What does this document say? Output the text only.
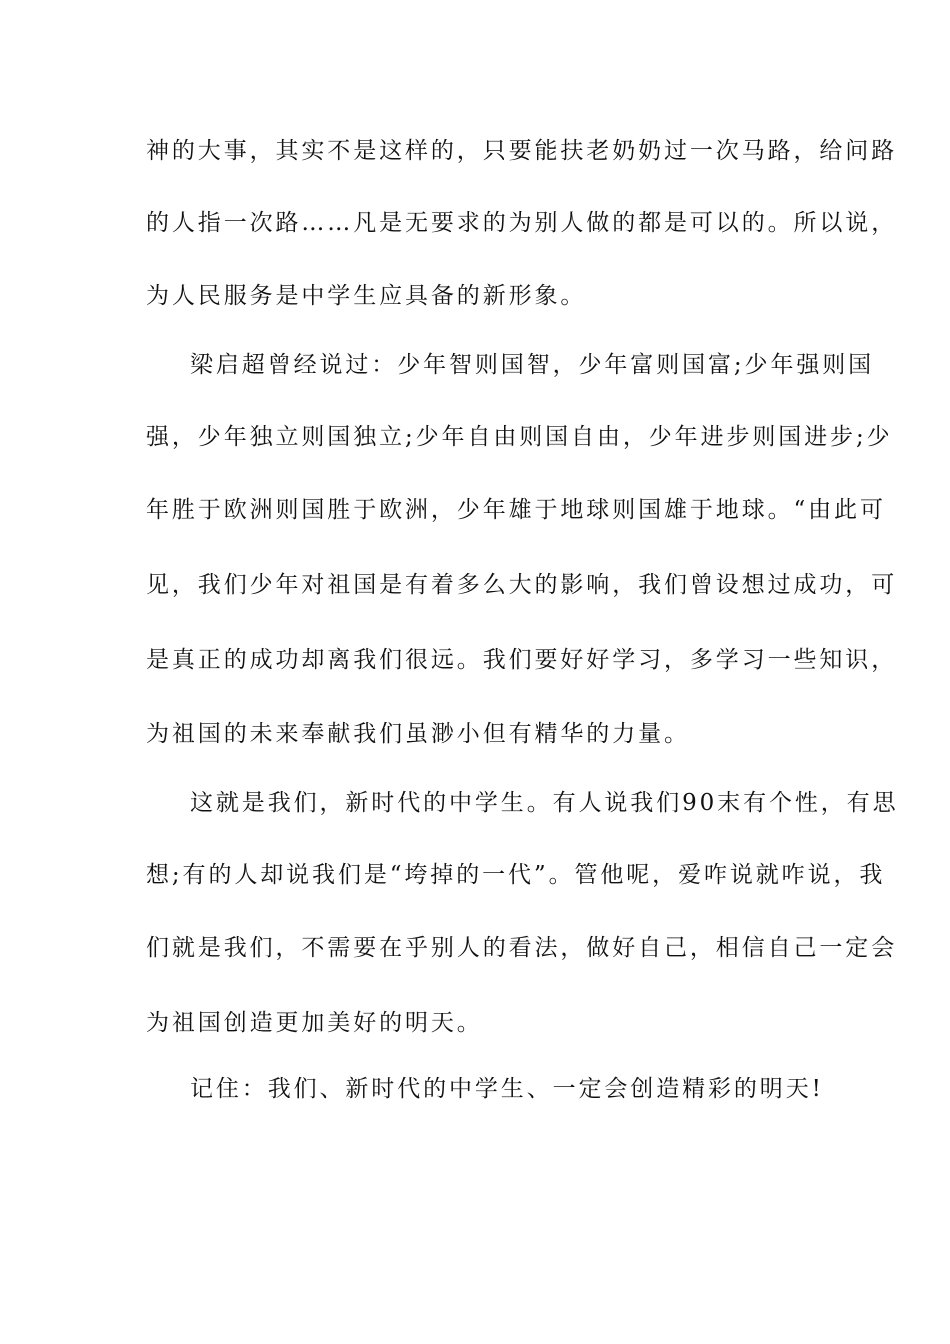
神的大事，其实不是这样的，只要能扶老奶奶过一次马路，给问路
的人指一次路……凡是无要求的为别人做的都是可以的。所以说，
为人民服务是中学生应具备的新形象。
梁启超曾经说过：少年智则国智，少年富则国富;少年强则国
强，少年独立则国独立;少年自由则国自由，少年进步则国进步;少
年胜于欧洲则国胜于欧洲，少年雄于地球则国雄于地球。“由此可
见，我们少年对祖国是有着多么大的影响，我们曾设想过成功，可
是真正的成功却离我们很远。我们要好好学习，多学习一些知识，
为祖国的未来奉献我们虽渺小但有精华的力量。
这就是我们，新时代的中学生。有人说我们90末有个性，有思
想;有的人却说我们是“垮掉的一代”。管他呢，爱咋说就咋说，我
们就是我们，不需要在乎别人的看法，做好自己，相信自己一定会
为祖国创造更加美好的明天。
记住：我们、新时代的中学生、一定会创造精彩的明天!
